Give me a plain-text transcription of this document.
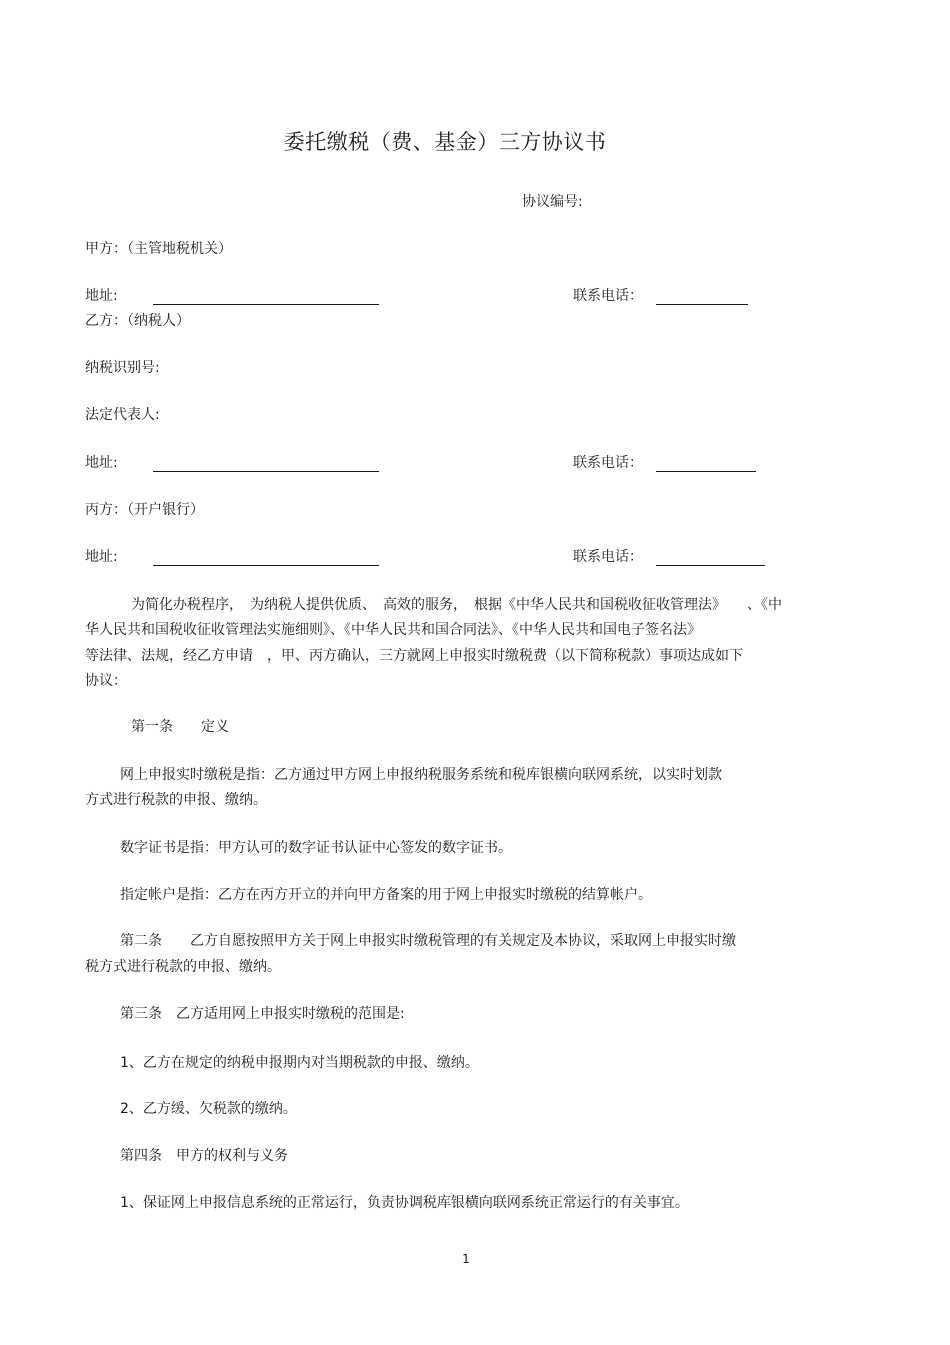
委托缴税（费、基金）三方协议书
协议编号:
甲方：（主管地税机关）
地址:	联系电话：
乙方：（纳税人）
纳税识别号:
法定代表人:
地址:	联系电话：
丙方：（开户银行）
地址:	联系电话：
为简化办税程序，　为纳税人提供优质、　高效的服务，　根据《中华人民共和国税收征收管理法》　　、《中
华人民共和国税收征收管理法实施细则》、《中华人民共和国合同法》、《中华人民共和国电子签名法》
等法律、法规，经乙方申请　，甲、丙方确认，三方就网上申报实时缴税费（以下简称税款）事项达成如下
协议：
第一条　　定义
网上申报实时缴税是指：乙方通过甲方网上申报纳税服务系统和税库银横向联网系统，以实时划款
方式进行税款的申报、缴纳。
数字证书是指：甲方认可的数字证书认证中心签发的数字证书。
指定帐户是指：乙方在丙方开立的并向甲方备案的用于网上申报实时缴税的结算帐户。
第二条　　乙方自愿按照甲方关于网上申报实时缴税管理的有关规定及本协议，采取网上申报实时缴
税方式进行税款的申报、缴纳。
第三条　乙方适用网上申报实时缴税的范围是:
1、乙方在规定的纳税申报期内对当期税款的申报、缴纳。
2、乙方缓、欠税款的缴纳。
第四条　甲方的权利与义务
1、保证网上申报信息系统的正常运行，负责协调税库银横向联网系统正常运行的有关事宜。
1
